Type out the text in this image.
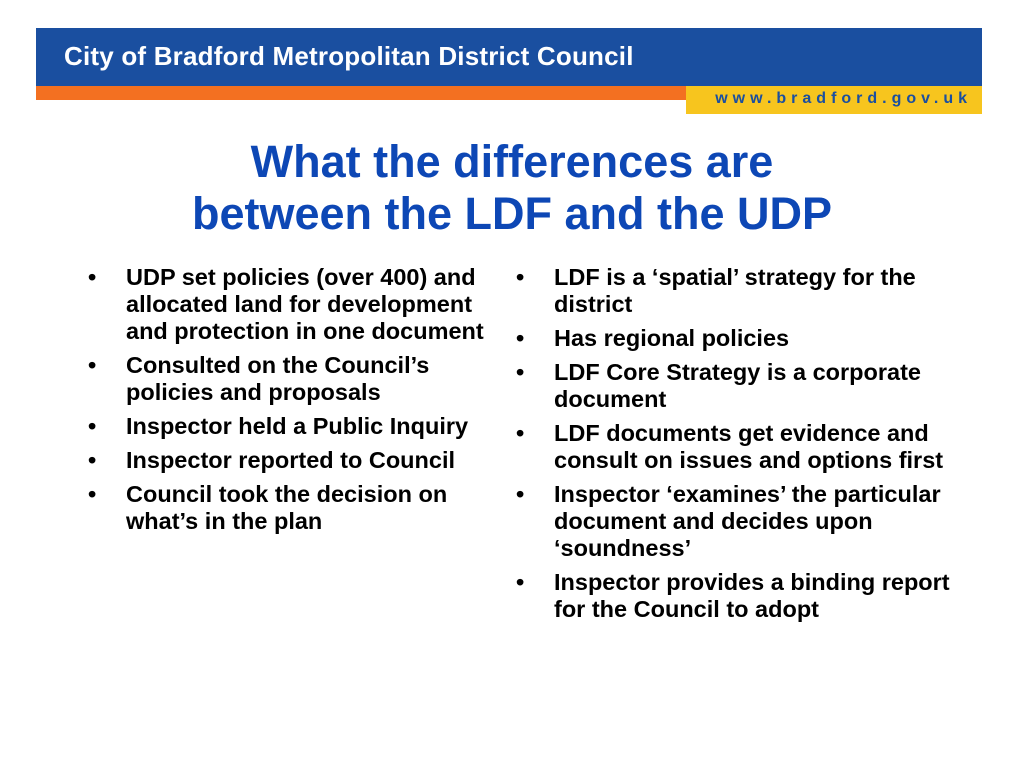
City of Bradford Metropolitan District Council
www.bradford.gov.uk
What the differences are
between the LDF and the UDP
• UDP set policies (over 400) and allocated land for development and protection in one document
• Consulted on the Council’s policies and proposals
• Inspector held a Public Inquiry
• Inspector reported to Council
• Council took the decision on what’s in the plan
• LDF is a ‘spatial’ strategy for the district
• Has regional policies
• LDF Core Strategy is a corporate document
• LDF documents get evidence and consult on issues and options first
• Inspector ‘examines’ the particular document and decides upon ‘soundness’
• Inspector provides a binding report for the Council to adopt
